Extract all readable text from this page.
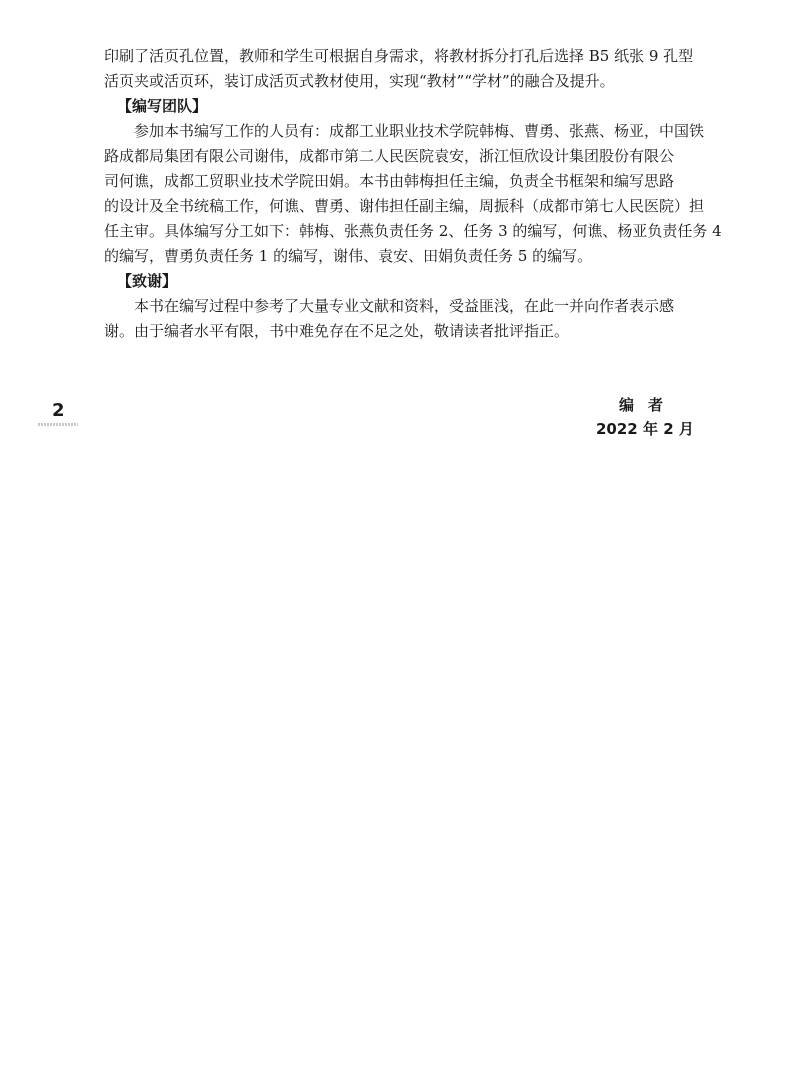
印刷了活页孔位置，教师和学生可根据自身需求，将教材拆分打孔后选择 B5 纸张 9 孔型
活页夹或活页环，装订成活页式教材使用，实现“教材”“学材”的融合及提升。
【编写团队】
参加本书编写工作的人员有：成都工业职业技术学院韩梅、曹勇、张燕、杨亚，中国铁
路成都局集团有限公司谢伟，成都市第二人民医院袁安，浙江恒欣设计集团股份有限公
司何谯，成都工贸职业技术学院田娟。本书由韩梅担任主编，负责全书框架和编写思路
的设计及全书统稿工作，何谯、曹勇、谢伟担任副主编，周振科（成都市第七人民医院）担
任主审。具体编写分工如下：韩梅、张燕负责任务 2、任务 3 的编写，何谯、杨亚负责任务 4
的编写，曹勇负责任务 1 的编写，谢伟、袁安、田娟负责任务 5 的编写。
【致谢】
本书在编写过程中参考了大量专业文献和资料，受益匪浅，在此一并向作者表示感
谢。由于编者水平有限，书中难免存在不足之处，敬请读者批评指正。
2	编者
2022 年 2 月
